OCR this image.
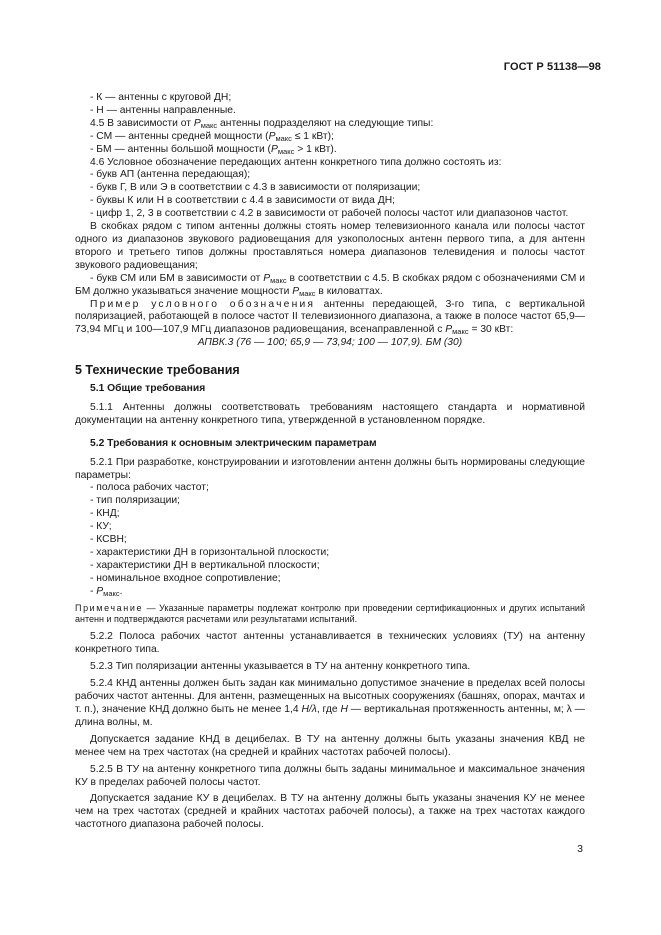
ГОСТ Р 51138—98

- К — антенны с круговой ДН;

- Н — антенны направленные.

4.5 В зависимости от $P_{макс}$ антенны подразделяют на следующие типы:

- СМ — антенны средней мощности ($P_{макс} \le 1$ кВт);

- БМ — антенны большой мощности ($P_{макс} > 1$ кВт).

4.6 Условное обозначение передающих антенн конкретного типа должно состоять из:

- букв АП (антенна передающая);

- букв Г, В или Э в соответствии с 4.3 в зависимости от поляризации;

- буквы К или Н в соответствии с 4.4 в зависимости от вида ДН;

- цифр 1, 2, 3 в соответствии с 4.2 в зависимости от рабочей полосы частот или диапазонов частот.

В скобках рядом с типом антенны должны стоять номер телевизионного канала или полосы частот одного из диапазонов звукового радиовещания для узкополосных антенн первого типа, а для антенн второго и третьего типов должны проставляться номера диапазонов телевидения и полосы частот звукового радиовещания;

- букв СМ или БМ в зависимости от $P_{макс}$ в соответствии с 4.5. В скобках рядом с обозначениями СМ и БМ должно указываться значение мощности $P_{макс}$ в киловаттах.

Пример условного обозначения антенны передающей, 3-го типа, с вертикальной поляризацией, работающей в полосе частот II телевизионного диапазона, а также в полосе частот 65,9—73,94 МГц и 100—107,9 МГц диапазонов радиовещания, всенаправленной с $P_{макс} = 30$ кВт:

АПВК.3 (76 — 100; 65,9 — 73,94; 100 — 107,9). БМ (30)

5 Технические требования

5.1 Общие требования

5.1.1 Антенны должны соответствовать требованиям настоящего стандарта и нормативной документации на антенну конкретного типа, утвержденной в установленном порядке.

5.2 Требования к основным электрическим параметрам

5.2.1 При разработке, конструировании и изготовлении антенн должны быть нормированы следующие параметры:

- полоса рабочих частот;

- тип поляризации;

- КНД;

- КУ;

- КСВН;

- характеристики ДН в горизонтальной плоскости;

- характеристики ДН в вертикальной плоскости;

- номинальное входное сопротивление;

- $P_{макс}$.

Примечание — Указанные параметры подлежат контролю при проведении сертификационных и других испытаний антенн и подтверждаются расчетами или результатами испытаний.

5.2.2 Полоса рабочих частот антенны устанавливается в технических условиях (ТУ) на антенну конкретного типа.

5.2.3 Тип поляризации антенны указывается в ТУ на антенну конкретного типа.

5.2.4 КНД антенны должен быть задан как минимально допустимое значение в пределах всей полосы рабочих частот антенны. Для антенн, размещенных на высотных сооружениях (башнях, опорах, мачтах и т. п.), значение КНД должно быть не менее 1,4 H/λ, где H — вертикальная протяженность антенны, м; λ — длина волны, м.

Допускается задание КНД в децибелах. В ТУ на антенну должны быть указаны значения КВД не менее чем на трех частотах (на средней и крайних частотах рабочей полосы).

5.2.5 В ТУ на антенну конкретного типа должны быть заданы минимальное и максимальное значения КУ в пределах рабочей полосы частот.

Допускается задание КУ в децибелах. В ТУ на антенну должны быть указаны значения КУ не менее чем на трех частотах (средней и крайних частотах рабочей полосы), а также на трех частотах каждого частотного диапазона рабочей полосы.

3
